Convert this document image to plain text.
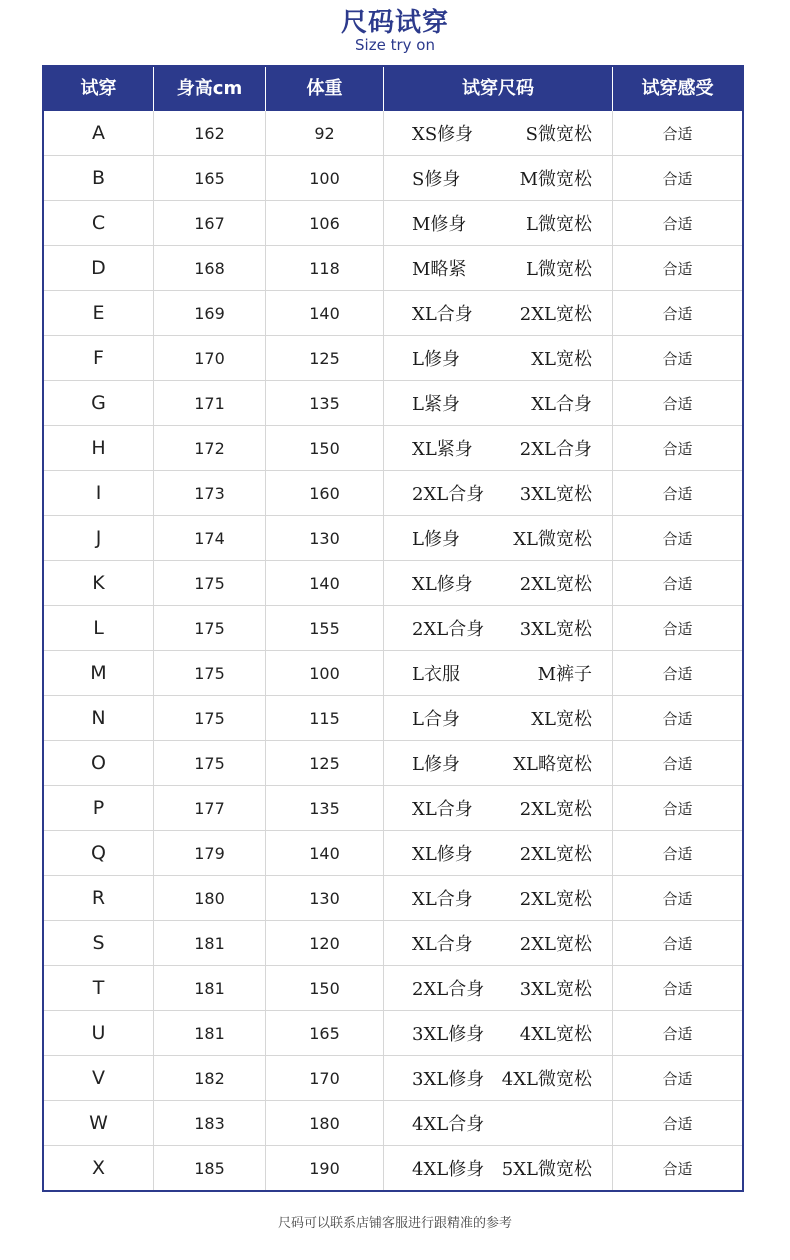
尺码试穿
Size try on
试穿	身高cm	体重	试穿尺码	试穿感受
A	162	92	XS修身	S微宽松	合适
B	165	100	S修身	M微宽松	合适
C	167	106	M修身	L微宽松	合适
D	168	118	M略紧	L微宽松	合适
E	169	140	XL合身	2XL宽松	合适
F	170	125	L修身	XL宽松	合适
G	171	135	L紧身	XL合身	合适
H	172	150	XL紧身	2XL合身	合适
I	173	160	2XL合身 3XL宽松	合适
J	174	130	L修身	XL微宽松	合适
K	175	140	XL修身	2XL宽松	合适
L	175	155	2XL合身 3XL宽松	合适
M	175	100	L衣服	M裤子	合适
N	175	115	L合身	XL宽松	合适
O	175	125	L修身	XL略宽松	合适
P	177	135	XL合身	2XL宽松	合适
Q	179	140	XL修身	2XL宽松	合适
R	180	130	XL合身	2XL宽松	合适
S	181	120	XL合身	2XL宽松	合适
T	181	150	2XL合身 3XL宽松	合适
U	181	165	3XL修身 4XL宽松	合适
V	182	170	3XL修身 4XL微宽松	合适
W	183	180	4XL合身	合适
X	185	190	4XL修身 5XL微宽松	合适
尺码可以联系店铺客服进行跟精准的参考
